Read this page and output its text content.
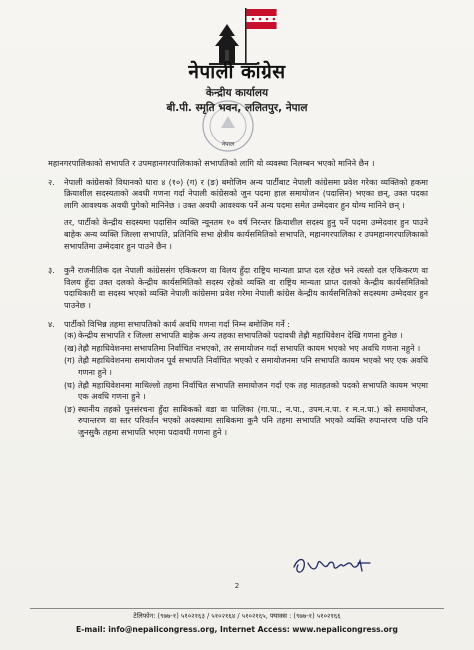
नेपाली कांग्रेस
केन्द्रीय कार्यालय
नेपाल
बी.पी. स्मृति भवन, ललितपुर, नेपाल
महानगरपालिकाको सभापति र उपमहानगरपालिकाको सभापतिको लागि यो व्यवस्था निलम्बन भएको मानिने छैन ।
२.	नेपाली कांग्रेसको विधानको धारा ४ (१०) (ग) र (ङ) बमोजिम अन्य पार्टीबाट नेपाली कांग्रेसमा प्रवेश गरेका व्यक्तिको हकमा क्रियाशील सदस्यताको अवधी गणना गर्दा नेपाली कांग्रेसको जुन पदमा हाल समायोजन (पदासिन) भएका छन्, उक्त पदका लागि आवश्यक अवधी पुगेको मानिनेछ । उक्त अवधी आवश्यक पर्ने अन्य पदमा समेत उम्मेदवार हुन योग्य मानिने छन् ।

तर, पार्टीको केन्द्रीय सदस्यमा पदासिन व्यक्ति न्यूनतम १० वर्ष निरन्तर क्रियाशील सदस्य हुनु पर्ने पदमा उम्मेदवार हुन पाउने बाहेक अन्य व्यक्ति जिल्ला सभापति, प्रतिनिधि सभा क्षेत्रीय कार्यसमितिको सभापति, महानगरपालिका र उपमहानगरपालिकाको सभापतिमा उम्मेदवार हुन पाउने छैन ।

३.	कुनै राजनीतिक दल नेपाली कांग्रेससंग एकिकरण वा विलय हुँदा राष्ट्रिय मान्यता प्राप्त दल रहेछ भने त्यस्तो दल एकिकरण वा विलय हुँदा उक्त दलको केन्द्रीय कार्यसमितिको सदस्य रहेको व्यक्ति वा राष्ट्रिय मान्यता प्राप्त दलको केन्द्रीय कार्यसमितिको पदाधिकारी वा सदस्य भएको व्यक्ति नेपाली कांग्रेसमा प्रवेश गरेमा नेपाली कांग्रेस केन्द्रीय कार्यसमितिको सदस्यमा उम्मेदवार हुन पाउनेछ ।
४.	पार्टीको विभिन्न तहमा सभापतिको कार्य अवधि गणना गर्दा निम्न बमोजिम गर्ने :
(क) केन्द्रीय सभापति र जिल्ला सभापति बाहेक अन्य तहका सभापतिको पदावधी तेह्रौ महाधिवेशन देखि गणना हुनेछ ।
(ख) तेह्रौ महाधिवेशनमा सभापतिमा निर्वाचित नभएको, तर समायोजन गर्दा सभापति कायम भएको भए अवधि गणना नहुने ।
(ग) तेह्रौ महाधिवेशनमा समायोजन पूर्व सभापति निर्वाचित भएको र समायोजनमा पनि सभापति कायम भएको भए एक अवधि गणना हुने ।
(घ) तेह्रौ महाधिवेशनमा माथिल्लो तहमा निर्वाचित सभापति समायोजन गर्दा एक तह मातहतको पदको सभापति कायम भएमा एक अवधि गणना हुने ।
(ङ) स्थानीय तहको पुनसंरचना हुँदा साबिकको वडा वा पालिका (गा.पा., न.पा., उपम.न.पा. र म.न.पा.) को समायोजन, रुपान्तरण वा स्तर परिवर्तन भएको अवस्थामा साबिकमा कुनै पनि तहमा सभापति भएको व्यक्ति रुपान्तरण पछि पनि जुनसुकै तहमा सभापति भएमा पदावधी गणना हुने ।
2
टेलिफोन: (९७७-१) ५१०२१६३ / ५१०२१६४ / ५१०२१६५, फ्याक्स : (९७७-१) ५१०२१६६
E-mail: info@nepalicongress.org, Internet Access: www.nepalicongress.org
